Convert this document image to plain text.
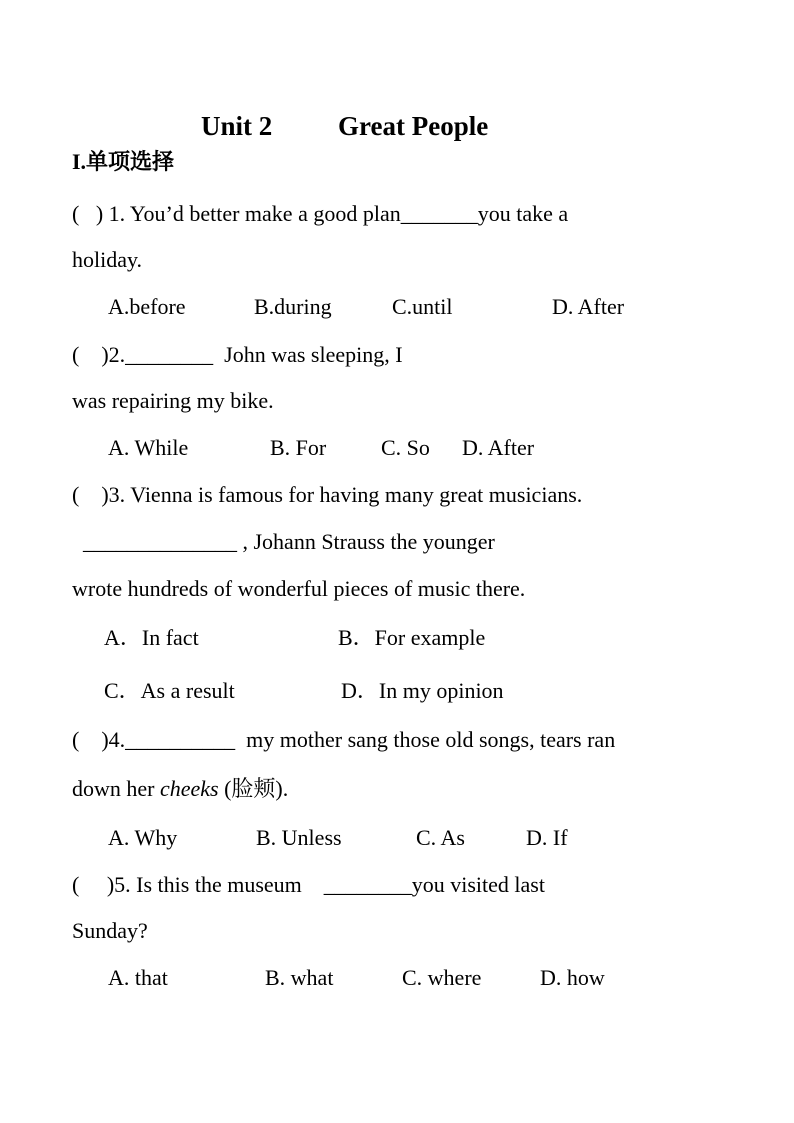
Unit 2 Great People
I.单项选择
(   ) 1. You’d better make a good plan_______you take a
holiday.
A.before	B.during	C.until	D. After
(    )2.________  John was sleeping, I
was repairing my bike.
A. While	B. For C. So D. After
(    )3. Vienna is famous for having many great musicians.
______________ , Johann Strauss the younger
wrote hundreds of wonderful pieces of music there.
A．In fact	B．For example
C．As a result	D．In my opinion
(    )4.__________  my mother sang those old songs, tears ran
down her cheeks (脸颊).
A. Why	B. Unless	C. As	D. If
(     )5. Is this the museum    ________you visited last
Sunday?
A. that	B. what	C. where	D. how
